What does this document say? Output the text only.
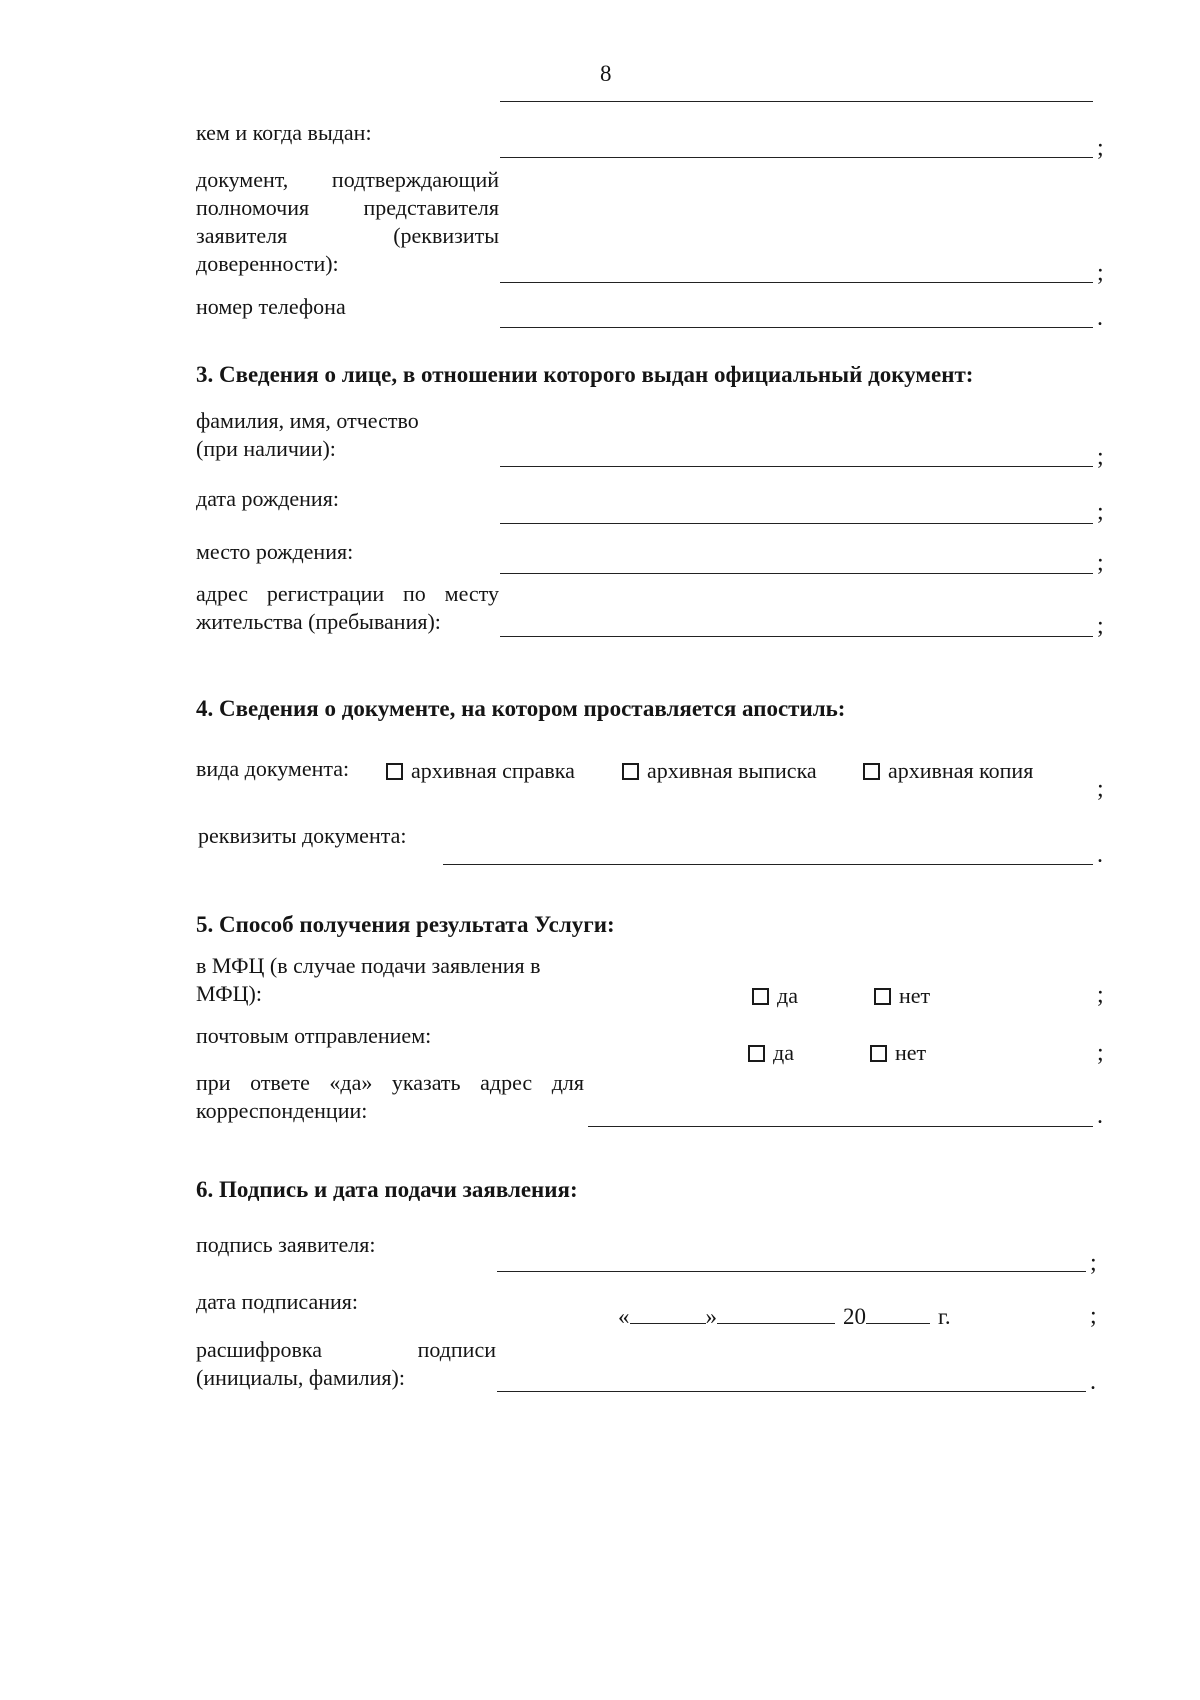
8
кем и когда выдан:
;
документ, подтверждающий
полномочия представителя
заявителя (реквизиты
доверенности):	;
номер телефона	.
3. Сведения о лице, в отношении которого выдан официальный документ:
фамилия, имя, отчество
(при наличии):	;
дата рождения:
;
место рождения:	;
адрес регистрации по месту
жительства (пребывания):	;
4. Сведения о документе, на котором проставляется апостиль:
вида документа:	архивная справка	архивная выписка	архивная копия
;
реквизиты документа:
.
5. Способ получения результата Услуги:
в МФЦ (в случае подачи заявления в
МФЦ):	да	нет	;
почтовым отправлением:
да	нет	;
при ответе «да» указать адрес для
корреспонденции:	.
6. Подпись и дата подачи заявления:
подпись заявителя:
;
дата подписания:
«	»	20	г.	;
расшифровка подписи
(инициалы, фамилия):	.
